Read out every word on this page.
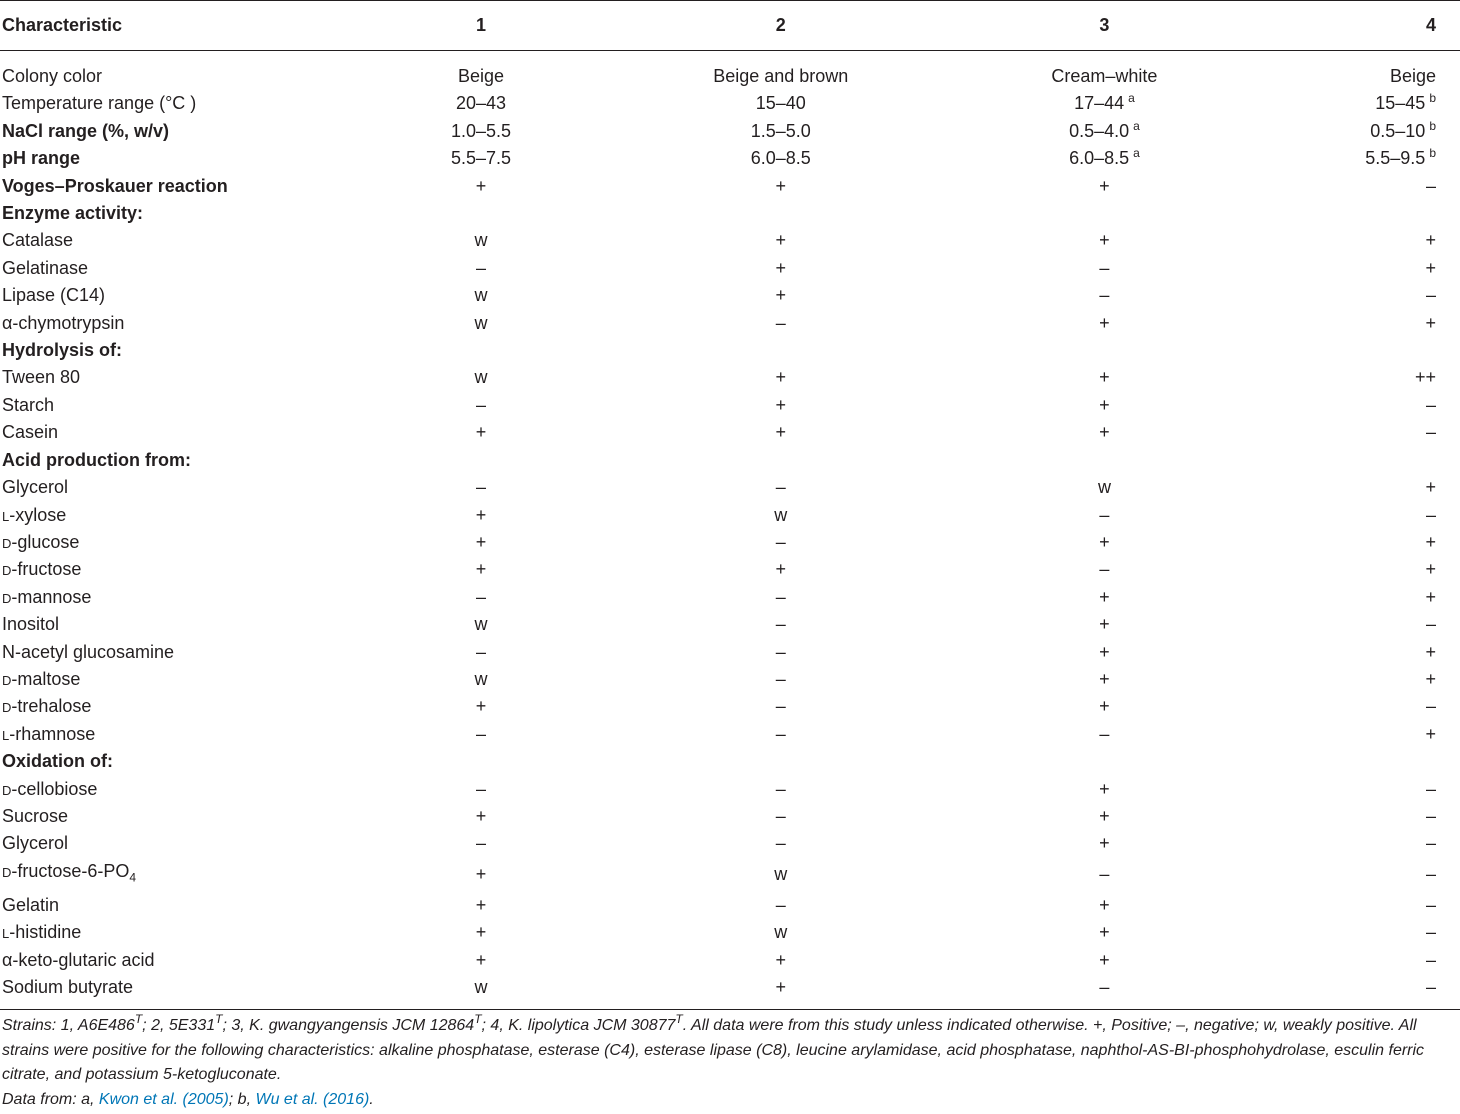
Characteristic	1	2	3	4
Colony color	Beige	Beige and brown	Cream–white	Beige
Temperature range (°C )	20–43	15–40	17–44 $^a$	15–45 $^b$
NaCl range (%, w/v)	1.0–5.5	1.5–5.0	0.5–4.0 $^a$	0.5–10 $^b$
pH range	5.5–7.5	6.0–8.5	6.0–8.5 $^a$	5.5–9.5 $^b$
Voges–Proskauer reaction	+	+	+	–
Enzyme activity:				
Catalase	w	+	+	+
Gelatinase	–	+	–	+
Lipase (C14)	w	+	–	–
α-chymotrypsin	w	–	+	+
Hydrolysis of:				
Tween 80	w	+	+	++
Starch	–	+	+	–
Casein	+	+	+	–
Acid production from:				
Glycerol	–	–	w	+
l-xylose	+	w	–	–
d-glucose	+	–	+	+
d-fructose	+	+	–	+
d-mannose	–	–	+	+
Inositol	w	–	+	–
N-acetyl glucosamine	–	–	+	+
d-maltose	w	–	+	+
d-trehalose	+	–	+	–
l-rhamnose	–	–	–	+
Oxidation of:				
d-cellobiose	–	–	+	–
Sucrose	+	–	+	–
Glycerol	–	–	+	–
$d-fructose-6-PO_4$	+	w	–	–
Gelatin	+	–	+	–
l-histidine	+	w	+	–
α-keto-glutaric acid	+	+	+	–
Sodium butyrate	w	+	–	–

Strains: 1, $A6E486^T$; 2, $5E331^T$; 3, K. gwangyangensis JCM $12864^T$; 4, K. lipolytica JCM $30877^T$. All data were from this study unless indicated otherwise. +, Positive; –, negative; w, weakly positive. All strains were positive for the following characteristics: alkaline phosphatase, esterase (C4), esterase lipase (C8), leucine arylamidase, acid phosphatase, naphthol-AS-BI-phosphohydrolase, esculin ferric citrate, and potassium 5-ketogluconate.

Data from: a, Kwon et al. (2005); b, Wu et al. (2016).
